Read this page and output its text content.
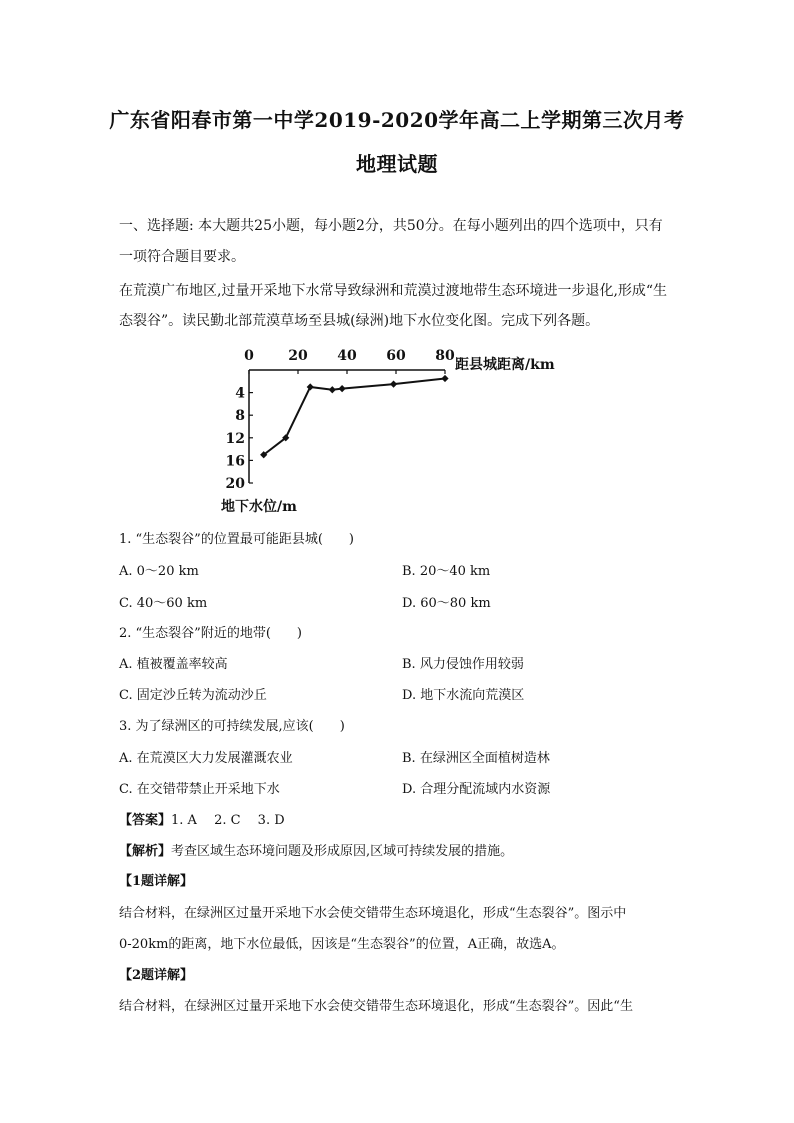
广东省阳春市第一中学2019-2020学年高二上学期第三次月考
地理试题
一、选择题: 本大题共25小题，每小题2分，共50分。在每小题列出的四个选项中，只有
一项符合题目要求。
在荒漠广布地区,过量开采地下水常导致绿洲和荒漠过渡地带生态环境进一步退化,形成“生
态裂谷”。读民勤北部荒漠草场至县城(绿洲)地下水位变化图。完成下列各题。
0 20 40 60 80
4
8
12
16
20
距县城距离/km
地下水位/m
1. “生态裂谷”的位置最可能距县城(　　)
A. 0～20 km	B. 20～40 km
C. 40～60 km	D. 60～80 km
2. “生态裂谷”附近的地带(　　)
A. 植被覆盖率较高	B. 风力侵蚀作用较弱
C. 固定沙丘转为流动沙丘	D. 地下水流向荒漠区
3. 为了绿洲区的可持续发展,应该(　　)
A. 在荒漠区大力发展灌溉农业	B. 在绿洲区全面植树造林
C. 在交错带禁止开采地下水	D. 合理分配流域内水资源
【答案】1. A　 2. C　 3. D
【解析】考查区域生态环境问题及形成原因,区域可持续发展的措施。
【1题详解】
结合材料，在绿洲区过量开采地下水会使交错带生态环境退化，形成“生态裂谷”。图示中
0-20km的距离，地下水位最低，因该是“生态裂谷”的位置，A正确，故选A。
【2题详解】
结合材料，在绿洲区过量开采地下水会使交错带生态环境退化，形成“生态裂谷”。因此“生
